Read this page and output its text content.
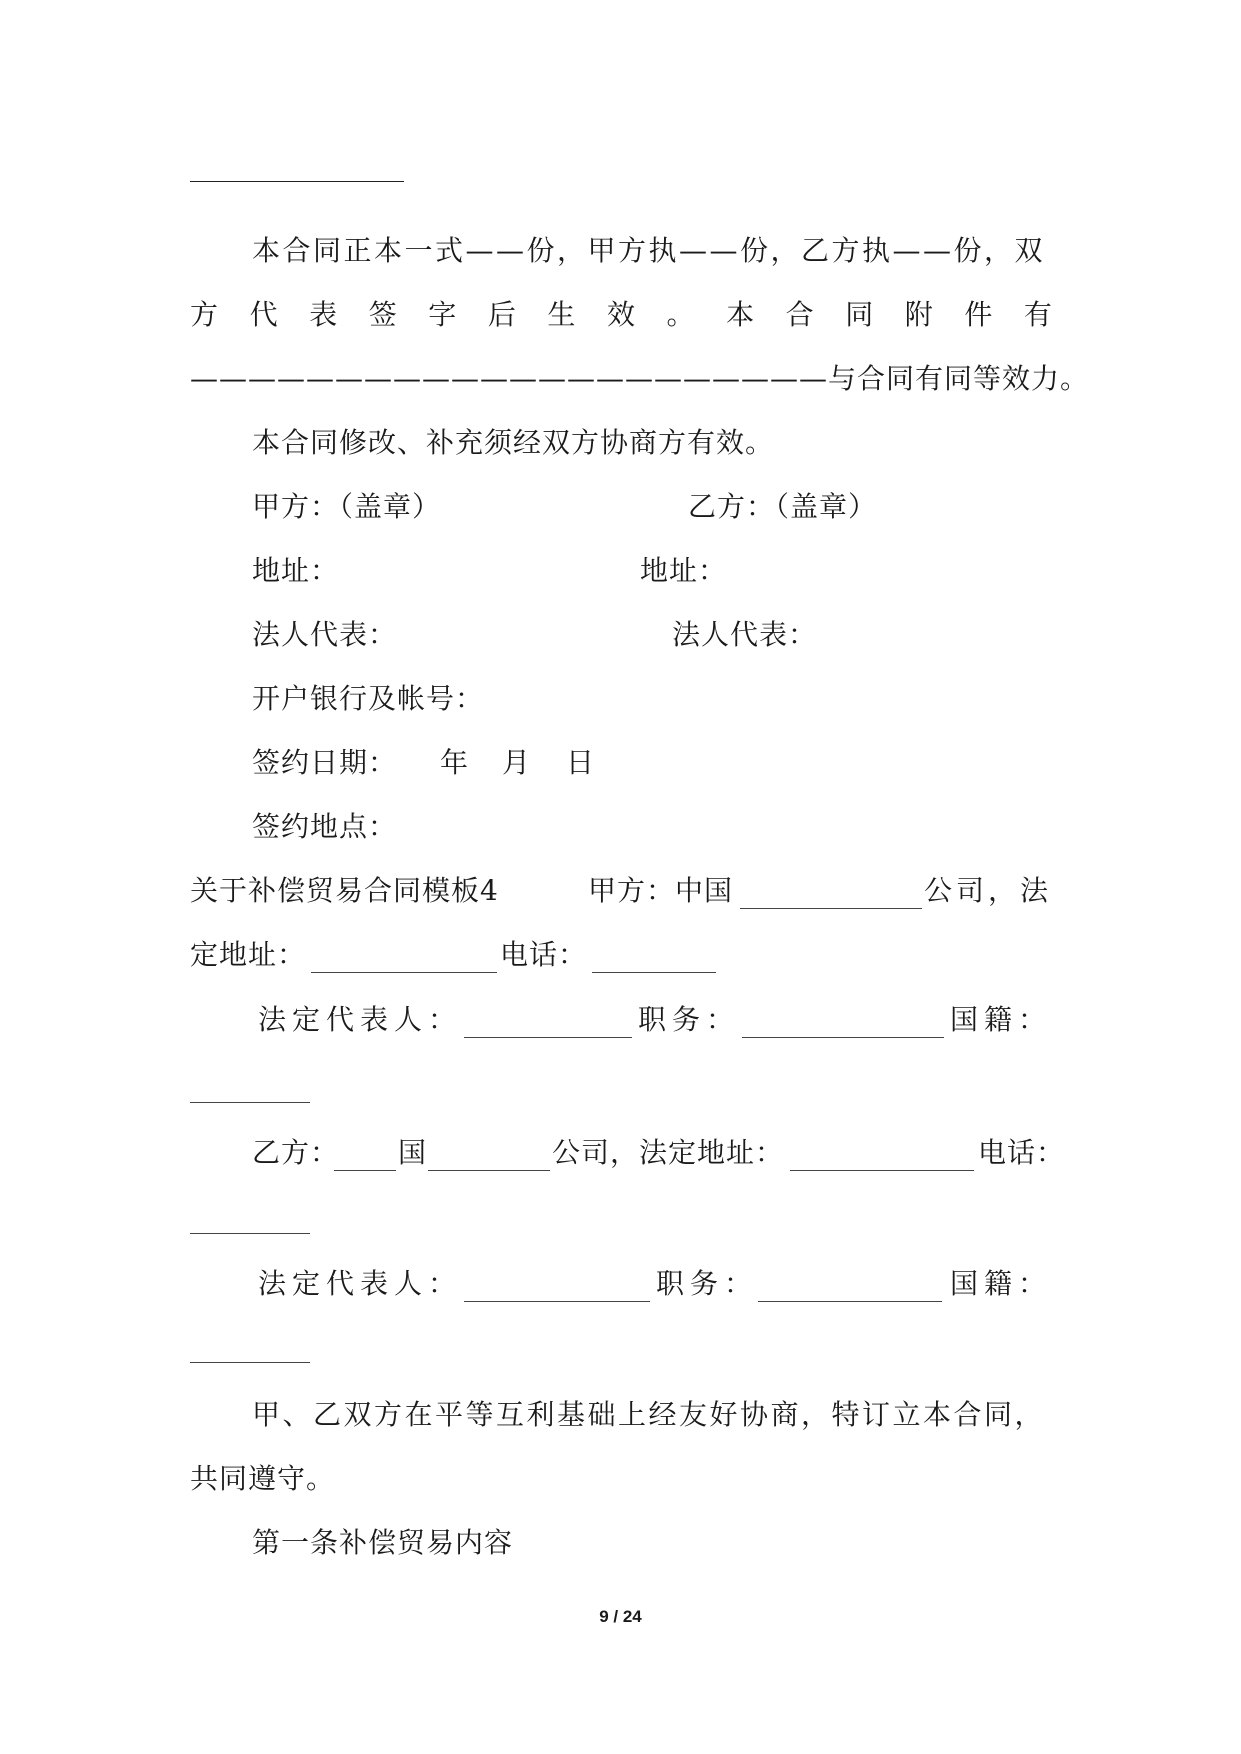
本合同正本一式——份，甲方执——份，乙方执——份，双
方 代 表 签 字 后 生 效 。 本 合 同 附 件 有
——————————————————————与合同有同等效力。
本合同修改、补充须经双方协商方有效。
甲方：（盖章）	乙方：（盖章）
地址：	地址：
法人代表：	法人代表：
开户银行及帐号：
签约日期： 年 月 日
签约地点：
关于补偿贸易合同模板4	甲方：中国	公司，法
定地址：	电话：
法定代表人：	职务：	国籍：
乙方： 国	公司，法定地址：	电话：
法定代表人：	职务：	国籍：
甲、乙双方在平等互利基础上经友好协商，特订立本合同，
共同遵守。
第一条补偿贸易内容
9 / 24
